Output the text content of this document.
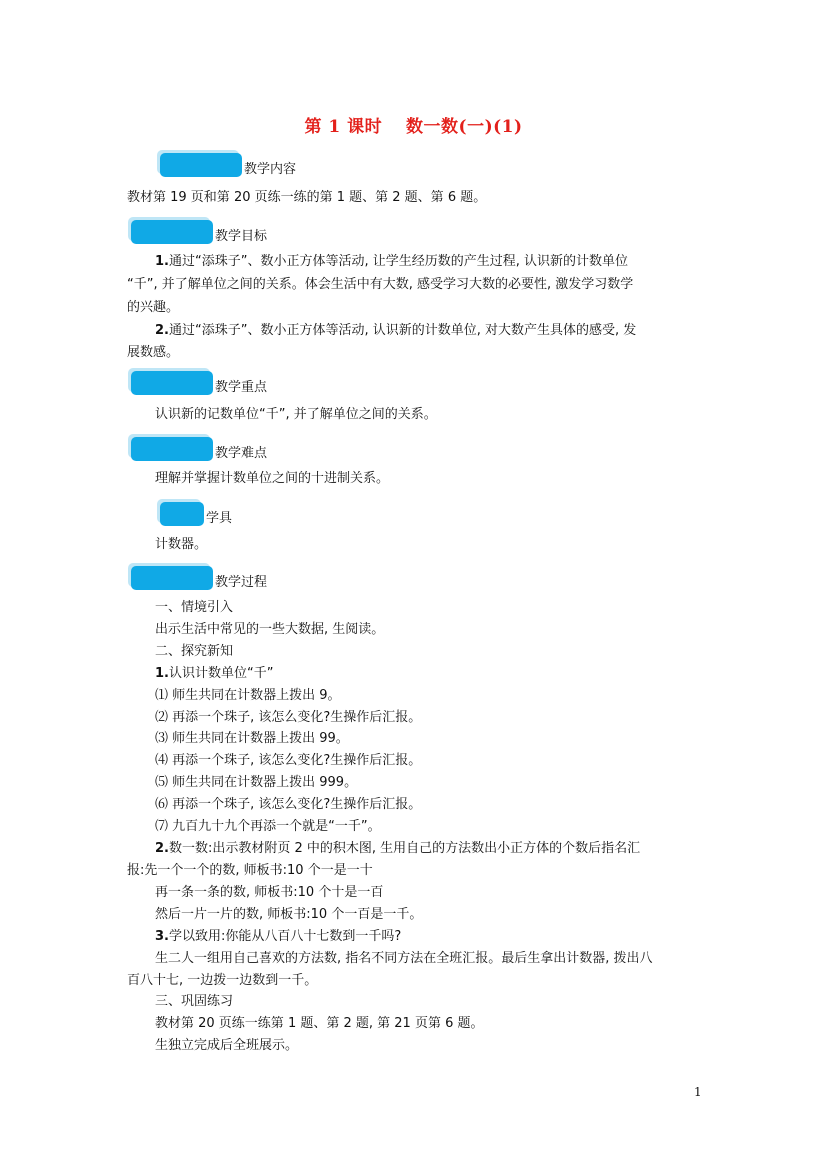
第 1 课时　 数一数(一)(1)
教学内容
教材第 19 页和第 20 页练一练的第 1 题、第 2 题、第 6 题。
教学目标
1.通过“添珠子”、数小正方体等活动, 让学生经历数的产生过程, 认识新的计数单位
“千”, 并了解单位之间的关系。体会生活中有大数, 感受学习大数的必要性, 激发学习数学
的兴趣。
2.通过“添珠子”、数小正方体等活动, 认识新的计数单位, 对大数产生具体的感受, 发
展数感。
教学重点
认识新的记数单位“千”, 并了解单位之间的关系。
教学难点
理解并掌握计数单位之间的十进制关系。
学具
计数器。
教学过程
一、情境引入
出示生活中常见的一些大数据, 生阅读。
二、探究新知
1.认识计数单位“千”
⑴ 师生共同在计数器上拨出 9。
⑵ 再添一个珠子, 该怎么变化?生操作后汇报。
⑶ 师生共同在计数器上拨出 99。
⑷ 再添一个珠子, 该怎么变化?生操作后汇报。
⑸ 师生共同在计数器上拨出 999。
⑹ 再添一个珠子, 该怎么变化?生操作后汇报。
⑺ 九百九十九个再添一个就是“一千”。
2.数一数:出示教材附页 2 中的积木图, 生用自己的方法数出小正方体的个数后指名汇
报:先一个一个的数, 师板书:10 个一是一十
再一条一条的数, 师板书:10 个十是一百
然后一片一片的数, 师板书:10 个一百是一千。
3.学以致用:你能从八百八十七数到一千吗?
生二人一组用自己喜欢的方法数, 指名不同方法在全班汇报。最后生拿出计数器, 拨出八
百八十七, 一边拨一边数到一千。
三、巩固练习
教材第 20 页练一练第 1 题、第 2 题, 第 21 页第 6 题。
生独立完成后全班展示。
1
